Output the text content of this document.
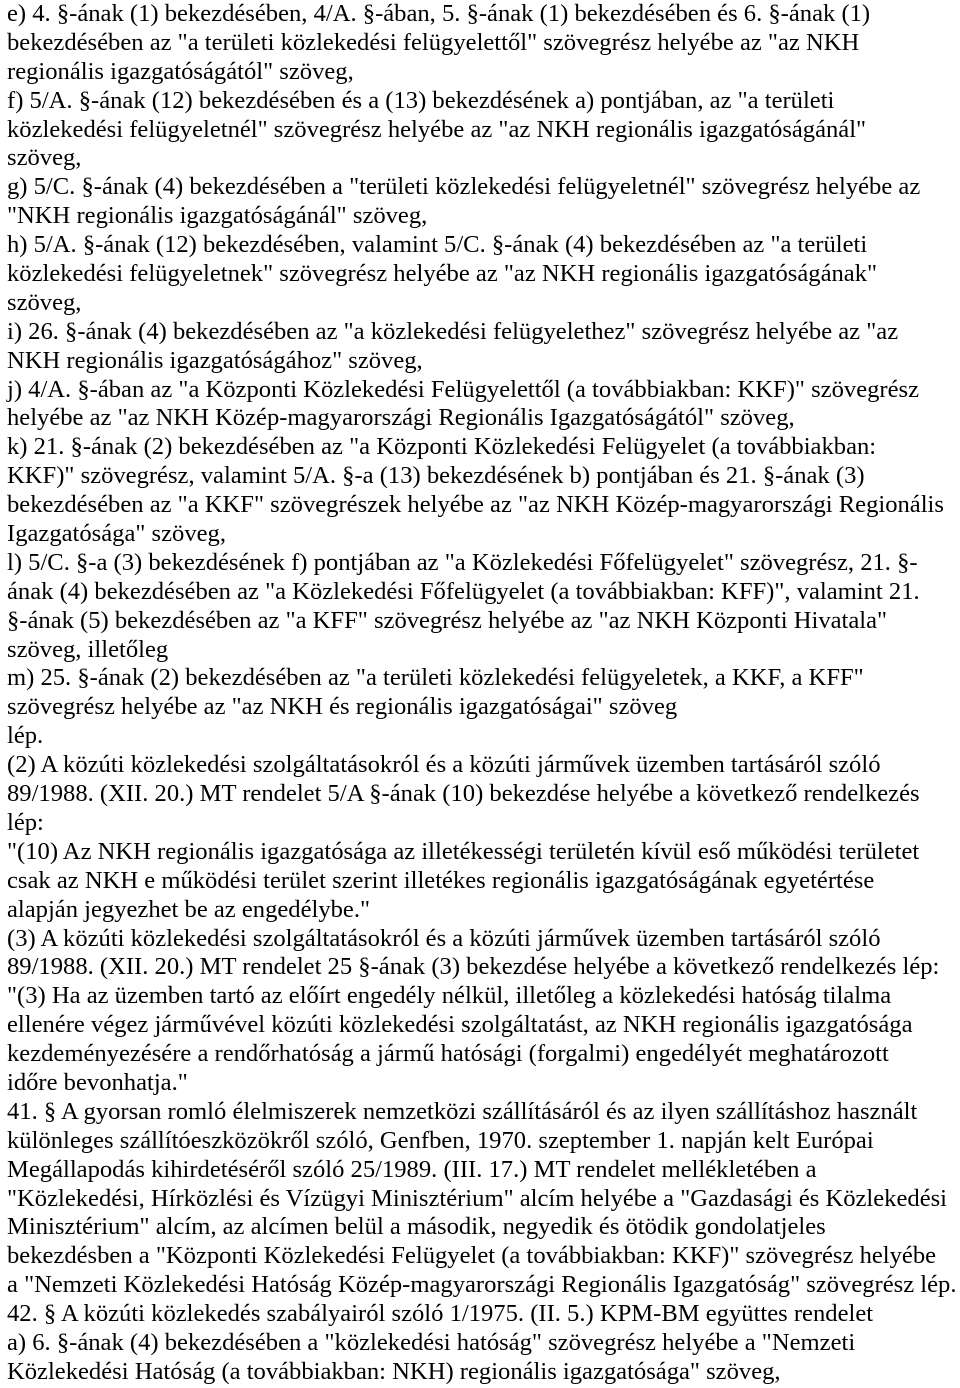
e) 4. §-ának (1) bekezdésében, 4/A. §-ában, 5. §-ának (1) bekezdésében és 6. §-ának (1)
bekezdésében az "a területi közlekedési felügyelettől" szövegrész helyébe az "az NKH
regionális igazgatóságától" szöveg,
f) 5/A. §-ának (12) bekezdésében és a (13) bekezdésének a) pontjában, az "a területi
közlekedési felügyeletnél" szövegrész helyébe az "az NKH regionális igazgatóságánál"
szöveg,
g) 5/C. §-ának (4) bekezdésében a "területi közlekedési felügyeletnél" szövegrész helyébe az
"NKH regionális igazgatóságánál" szöveg,
h) 5/A. §-ának (12) bekezdésében, valamint 5/C. §-ának (4) bekezdésében az "a területi
közlekedési felügyeletnek" szövegrész helyébe az "az NKH regionális igazgatóságának"
szöveg,
i) 26. §-ának (4) bekezdésében az "a közlekedési felügyelethez" szövegrész helyébe az "az
NKH regionális igazgatóságához" szöveg,
j) 4/A. §-ában az "a Központi Közlekedési Felügyelettől (a továbbiakban: KKF)" szövegrész
helyébe az "az NKH Közép-magyarországi Regionális Igazgatóságától" szöveg,
k) 21. §-ának (2) bekezdésében az "a Központi Közlekedési Felügyelet (a továbbiakban:
KKF)" szövegrész, valamint 5/A. §-a (13) bekezdésének b) pontjában és 21. §-ának (3)
bekezdésében az "a KKF" szövegrészek helyébe az "az NKH Közép-magyarországi Regionális
Igazgatósága" szöveg,
l) 5/C. §-a (3) bekezdésének f) pontjában az "a Közlekedési Főfelügyelet" szövegrész, 21. §-
ának (4) bekezdésében az "a Közlekedési Főfelügyelet (a továbbiakban: KFF)", valamint 21.
§-ának (5) bekezdésében az "a KFF" szövegrész helyébe az "az NKH Központi Hivatala"
szöveg, illetőleg
m) 25. §-ának (2) bekezdésében az "a területi közlekedési felügyeletek, a KKF, a KFF"
szövegrész helyébe az "az NKH és regionális igazgatóságai" szöveg
lép.
(2) A közúti közlekedési szolgáltatásokról és a közúti járművek üzemben tartásáról szóló
89/1988. (XII. 20.) MT rendelet 5/A §-ának (10) bekezdése helyébe a következő rendelkezés
lép:
"(10) Az NKH regionális igazgatósága az illetékességi területén kívül eső működési területet
csak az NKH e működési terület szerint illetékes regionális igazgatóságának egyetértése
alapján jegyezhet be az engedélybe."
(3) A közúti közlekedési szolgáltatásokról és a közúti járművek üzemben tartásáról szóló
89/1988. (XII. 20.) MT rendelet 25 §-ának (3) bekezdése helyébe a következő rendelkezés lép:
"(3) Ha az üzemben tartó az előírt engedély nélkül, illetőleg a közlekedési hatóság tilalma
ellenére végez járművével közúti közlekedési szolgáltatást, az NKH regionális igazgatósága
kezdeményezésére a rendőrhatóság a jármű hatósági (forgalmi) engedélyét meghatározott
időre bevonhatja."
41. § A gyorsan romló élelmiszerek nemzetközi szállításáról és az ilyen szállításhoz használt
különleges szállítóeszközökről szóló, Genfben, 1970. szeptember 1. napján kelt Európai
Megállapodás kihirdetéséről szóló 25/1989. (III. 17.) MT rendelet mellékletében a
"Közlekedési, Hírközlési és Vízügyi Minisztérium" alcím helyébe a "Gazdasági és Közlekedési
Minisztérium" alcím, az alcímen belül a második, negyedik és ötödik gondolatjeles
bekezdésben a "Központi Közlekedési Felügyelet (a továbbiakban: KKF)" szövegrész helyébe
a "Nemzeti Közlekedési Hatóság Közép-magyarországi Regionális Igazgatóság" szövegrész lép.
42. § A közúti közlekedés szabályairól szóló 1/1975. (II. 5.) KPM-BM együttes rendelet
a) 6. §-ának (4) bekezdésében a "közlekedési hatóság" szövegrész helyébe a "Nemzeti
Közlekedési Hatóság (a továbbiakban: NKH) regionális igazgatósága" szöveg,
